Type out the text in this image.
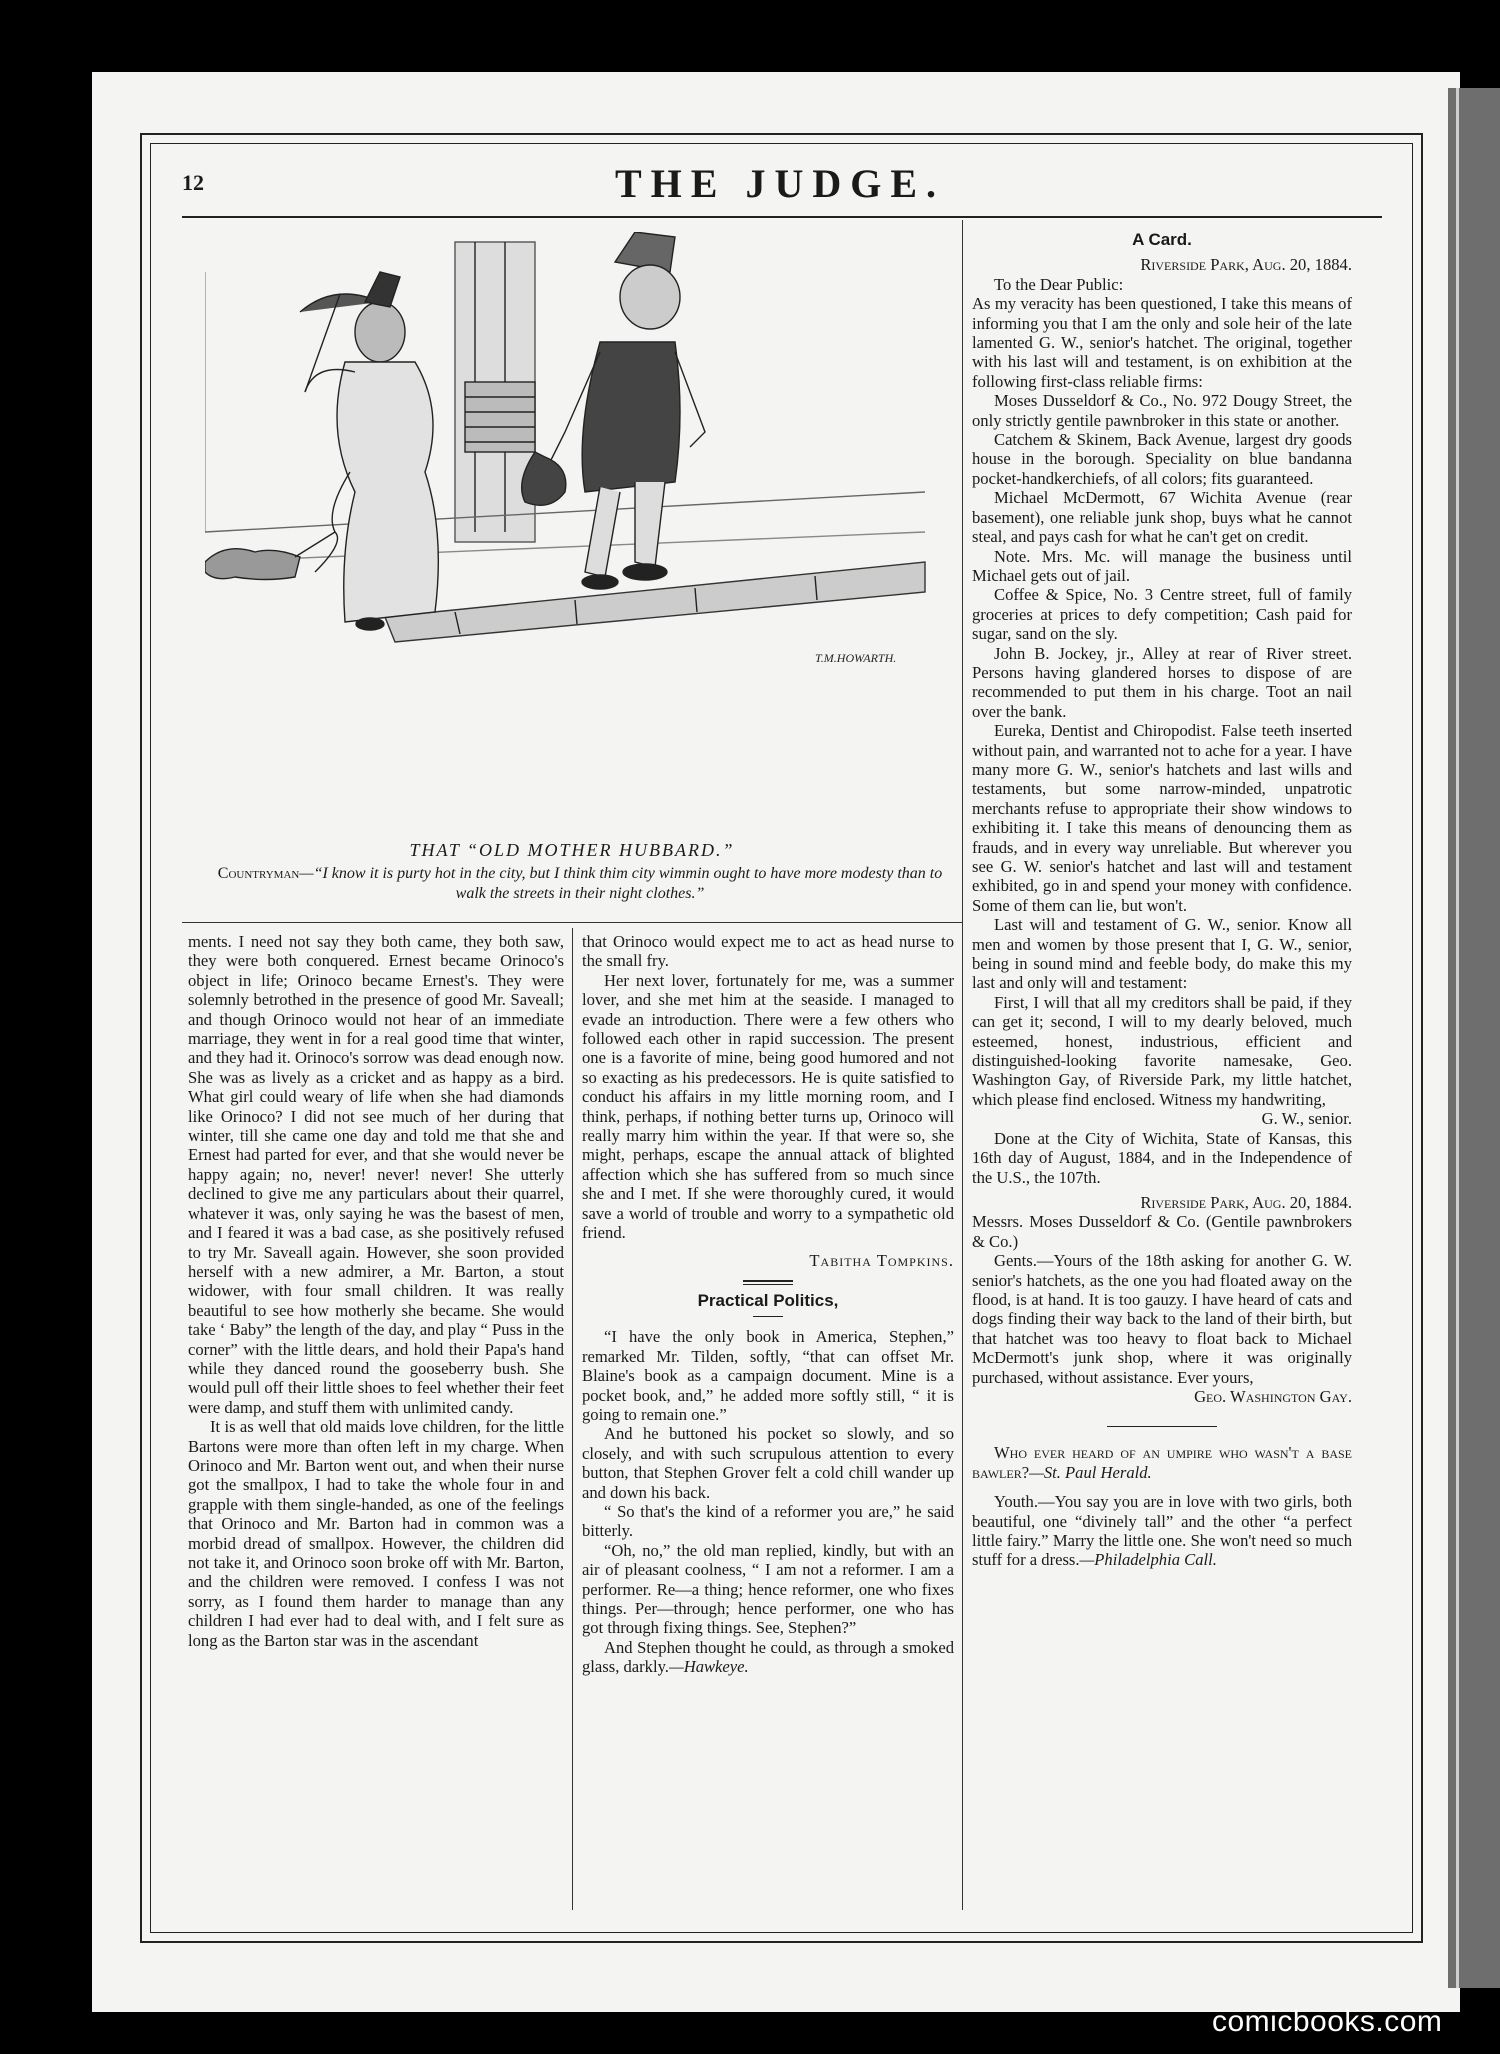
12	THE JUDGE.
T.M.HOWARTH.
THAT “OLD MOTHER HUBBARD.”
Countryman—“I know it is purty hot in the city, but I think thim city wimmin ought to have more modesty than to walk the streets in their night clothes.”

ments. I need not say they both came, they both saw, they were both conquered. Ernest became Orinoco's object in life; Orinoco became Ernest's. They were solemnly betrothed in the presence of good Mr. Saveall; and though Orinoco would not hear of an immediate marriage, they went in for a real good time that winter, and they had it. Orinoco's sorrow was dead enough now. She was as lively as a cricket and as happy as a bird. What girl could weary of life when she had diamonds like Orinoco? I did not see much of her during that winter, till she came one day and told me that she and Ernest had parted for ever, and that she would never be happy again; no, never! never! never! She utterly declined to give me any particulars about their quarrel, whatever it was, only saying he was the basest of men, and I feared it was a bad case, as she positively refused to try Mr. Saveall again. However, she soon provided herself with a new admirer, a Mr. Barton, a stout widower, with four small children. It was really beautiful to see how motherly she became. She would take ‘ Baby” the length of the day, and play “ Puss in the corner” with the little dears, and hold their Papa's hand while they danced round the gooseberry bush. She would pull off their little shoes to feel whether their feet were damp, and stuff them with unlimited candy.

It is as well that old maids love children, for the little Bartons were more than often left in my charge. When Orinoco and Mr. Barton went out, and when their nurse got the smallpox, I had to take the whole four in and grapple with them single-handed, as one of the feelings that Orinoco and Mr. Barton had in common was a morbid dread of smallpox. However, the children did not take it, and Orinoco soon broke off with Mr. Barton, and the children were removed. I confess I was not sorry, as I found them harder to manage than any children I had ever had to deal with, and I felt sure as long as the Barton star was in the ascendant

that Orinoco would expect me to act as head nurse to the small fry.

Her next lover, fortunately for me, was a summer lover, and she met him at the seaside. I managed to evade an introduction. There were a few others who followed each other in rapid succession. The present one is a favorite of mine, being good humored and not so exacting as his predecessors. He is quite satisfied to conduct his affairs in my little morning room, and I think, perhaps, if nothing better turns up, Orinoco will really marry him within the year. If that were so, she might, perhaps, escape the annual attack of blighted affection which she has suffered from so much since she and I met. If she were thoroughly cured, it would save a world of trouble and worry to a sympathetic old friend.

Tabitha Tompkins.

Practical Politics,

“I have the only book in America, Stephen,” remarked Mr. Tilden, softly, “that can offset Mr. Blaine's book as a campaign document. Mine is a pocket book, and,” he added more softly still, “ it is going to remain one.”

And he buttoned his pocket so slowly, and so closely, and with such scrupulous attention to every button, that Stephen Grover felt a cold chill wander up and down his back.

“ So that's the kind of a reformer you are,” he said bitterly.

“Oh, no,” the old man replied, kindly, but with an air of pleasant coolness, “ I am not a reformer. I am a performer. Re—a thing; hence reformer, one who fixes things. Per—through; hence performer, one who has got through fixing things. See, Stephen?”

And Stephen thought he could, as through a smoked glass, darkly.—Hawkeye.

A Card.

Riverside Park, Aug. 20, 1884.

To the Dear Public:

As my veracity has been questioned, I take this means of informing you that I am the only and sole heir of the late lamented G. W., senior's hatchet. The original, together with his last will and testament, is on exhibition at the following first-class reliable firms:

Moses Dusseldorf & Co., No. 972 Dougy Street, the only strictly gentile pawnbroker in this state or another.

Catchem & Skinem, Back Avenue, largest dry goods house in the borough. Speciality on blue bandanna pocket-handkerchiefs, of all colors; fits guaranteed.

Michael McDermott, 67 Wichita Avenue (rear basement), one reliable junk shop, buys what he cannot steal, and pays cash for what he can't get on credit.

Note. Mrs. Mc. will manage the business until Michael gets out of jail.

Coffee & Spice, No. 3 Centre street, full of family groceries at prices to defy competition; Cash paid for sugar, sand on the sly.

John B. Jockey, jr., Alley at rear of River street. Persons having glandered horses to dispose of are recommended to put them in his charge. Toot an nail over the bank.

Eureka, Dentist and Chiropodist. False teeth inserted without pain, and warranted not to ache for a year. I have many more G. W., senior's hatchets and last wills and testaments, but some narrow-minded, unpatrotic merchants refuse to appropriate their show windows to exhibiting it. I take this means of denouncing them as frauds, and in every way unreliable. But wherever you see G. W. senior's hatchet and last will and testament exhibited, go in and spend your money with confidence. Some of them can lie, but won't.

Last will and testament of G. W., senior. Know all men and women by those present that I, G. W., senior, being in sound mind and feeble body, do make this my last and only will and testament:

First, I will that all my creditors shall be paid, if they can get it; second, I will to my dearly beloved, much esteemed, honest, industrious, efficient and distinguished-looking favorite namesake, Geo. Washington Gay, of Riverside Park, my little hatchet, which please find enclosed. Witness my handwriting,

G. W., senior.

Done at the City of Wichita, State of Kansas, this 16th day of August, 1884, and in the Independence of the U.S., the 107th.

Riverside Park, Aug. 20, 1884.

Messrs. Moses Dusseldorf & Co. (Gentile pawnbrokers & Co.)

Gents.—Yours of the 18th asking for another G. W. senior's hatchets, as the one you had floated away on the flood, is at hand. It is too gauzy. I have heard of cats and dogs finding their way back to the land of their birth, but that hatchet was too heavy to float back to Michael McDermott's junk shop, where it was originally purchased, without assistance. Ever yours,

Geo. Washington Gay.

Who ever heard of an umpire who wasn't a base bawler?—St. Paul Herald.

Youth.—You say you are in love with two girls, both beautiful, one “divinely tall” and the other “a perfect little fairy.” Marry the little one. She won't need so much stuff for a dress.—Philadelphia Call.

comicbooks.com
